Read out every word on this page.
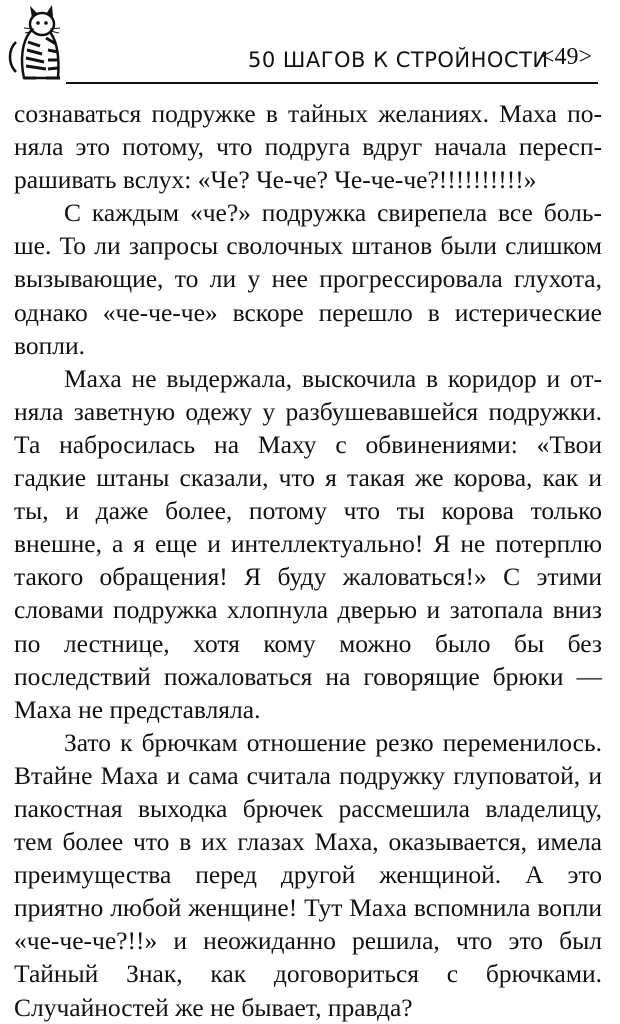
50 ШАГОВ К СТРОЙНОСТИ
<49>

сознаваться подружке в тайных желаниях. Маха поняла это потому, что подруга вдруг начала переспрашивать вслух: «Че? Че-че? Че-че-че?!!!!!!!!!!»

С каждым «че?» подружка свирепела все больше. То ли запросы сволочных штанов были слишком вызывающие, то ли у нее прогрессировала глухота, однако «че-че-че» вскоре перешло в истерические вопли.

Маха не выдержала, выскочила в коридор и отняла заветную одежу у разбушевавшейся подружки. Та набросилась на Маху с обвинениями: «Твои гадкие штаны сказали, что я такая же корова, как и ты, и даже более, потому что ты корова только внешне, а я еще и интеллектуально! Я не потерплю такого обращения! Я буду жаловаться!» С этими словами подружка хлопнула дверью и затопала вниз по лестнице, хотя кому можно было бы без последствий пожаловаться на говорящие брюки — Маха не представляла.

Зато к брючкам отношение резко переменилось. Втайне Маха и сама считала подружку глуповатой, и пакостная выходка брючек рассмешила владелицу, тем более что в их глазах Маха, оказывается, имела преимущества перед другой женщиной. А это приятно любой женщине! Тут Маха вспомнила вопли «че-че-че?!!» и неожиданно решила, что это был Тайный Знак, как договориться с брючками. Случайностей же не бывает, правда?
